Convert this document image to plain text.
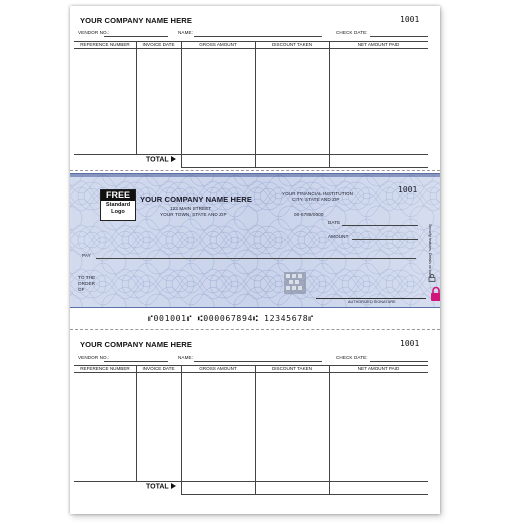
YOUR COMPANY NAME HERE	1001
VENDOR NO.:	NAME:	CHECK DATE:
REFERENCE NUMBER	INVOICE DATE	GROSS AMOUNT	DISCOUNT TAKEN	NET AMOUNT PAID
TOTAL
FREE
Standard
Logo
YOUR COMPANY NAME HERE
123 MAIN STREET
YOUR TOWN, STATE AND ZIP
YOUR FINANCIAL INSTITUTION
CITY, STATE AND ZIP
00-6789/0000
1001
DATE
AMOUNT
PAY
TO THE
ORDER
OF
AUTHORIZED SIGNATURE
Security features. Details on back.
⑈001001⑈ ⑆000067894⑆ 12345678⑈
YOUR COMPANY NAME HERE	1001
VENDOR NO.:	NAME:	CHECK DATE:
REFERENCE NUMBER	INVOICE DATE	GROSS AMOUNT	DISCOUNT TAKEN	NET AMOUNT PAID
TOTAL
